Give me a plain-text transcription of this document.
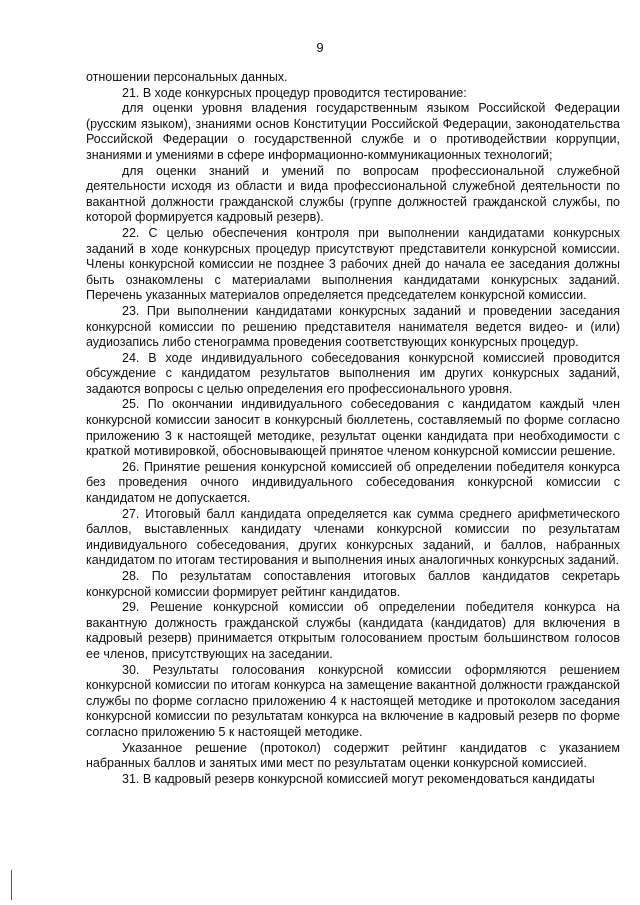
9

отношении персональных данных.

21. В ходе конкурсных процедур проводится тестирование:

для оценки уровня владения государственным языком Российской Федерации (русским языком), знаниями основ Конституции Российской Федерации, законодательства Российской Федерации о государственной службе и о противодействии коррупции, знаниями и умениями в сфере информационно-коммуникационных технологий;

для оценки знаний и умений по вопросам профессиональной служебной деятельности исходя из области и вида профессиональной служебной деятельности по вакантной должности гражданской службы (группе должностей гражданской службы, по которой формируется кадровый резерв).

22. С целью обеспечения контроля при выполнении кандидатами конкурсных заданий в ходе конкурсных процедур присутствуют представители конкурсной комиссии. Члены конкурсной комиссии не позднее 3 рабочих дней до начала ее заседания должны быть ознакомлены с материалами выполнения кандидатами конкурсных заданий. Перечень указанных материалов определяется председателем конкурсной комиссии.

23. При выполнении кандидатами конкурсных заданий и проведении заседания конкурсной комиссии по решению представителя нанимателя ведется видео- и (или) аудиозапись либо стенограмма проведения соответствующих конкурсных процедур.

24. В ходе индивидуального собеседования конкурсной комиссией проводится обсуждение с кандидатом результатов выполнения им других конкурсных заданий, задаются вопросы с целью определения его профессионального уровня.

25. По окончании индивидуального собеседования с кандидатом каждый член конкурсной комиссии заносит в конкурсный бюллетень, составляемый по форме согласно приложению 3 к настоящей методике, результат оценки кандидата при необходимости с краткой мотивировкой, обосновывающей принятое членом конкурсной комиссии решение.

26. Принятие решения конкурсной комиссией об определении победителя конкурса без проведения очного индивидуального собеседования конкурсной комиссии с кандидатом не допускается.

27. Итоговый балл кандидата определяется как сумма среднего арифметического баллов, выставленных кандидату членами конкурсной комиссии по результатам индивидуального собеседования, других конкурсных заданий, и баллов, набранных кандидатом по итогам тестирования и выполнения иных аналогичных конкурсных заданий.

28. По результатам сопоставления итоговых баллов кандидатов секретарь конкурсной комиссии формирует рейтинг кандидатов.

29. Решение конкурсной комиссии об определении победителя конкурса на вакантную должность гражданской службы (кандидата (кандидатов) для включения в кадровый резерв) принимается открытым голосованием простым большинством голосов ее членов, присутствующих на заседании.

30. Результаты голосования конкурсной комиссии оформляются решением конкурсной комиссии по итогам конкурса на замещение вакантной должности гражданской службы по форме согласно приложению 4 к настоящей методике и протоколом заседания конкурсной комиссии по результатам конкурса на включение в кадровый резерв по форме согласно приложению 5 к настоящей методике.

Указанное решение (протокол) содержит рейтинг кандидатов с указанием набранных баллов и занятых ими мест по результатам оценки конкурсной комиссией.

31. В кадровый резерв конкурсной комиссией могут рекомендоваться кандидаты
